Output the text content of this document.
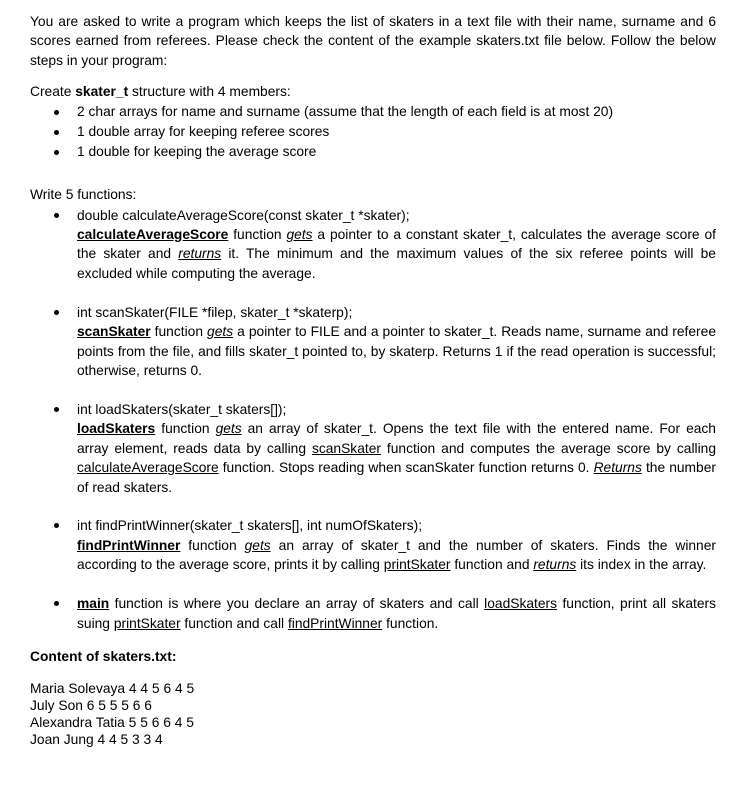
You are asked to write a program which keeps the list of skaters in a text file with their name, surname and 6 scores earned from referees. Please check the content of the example skaters.txt file below. Follow the below steps in your program:

Create skater_t structure with 4 members:

2 char arrays for name and surname (assume that the length of each field is at most 20)
1 double array for keeping referee scores
1 double for keeping the average score

Write 5 functions:

double calculateAverageScore(const skater_t *skater);

calculateAverageScore function gets a pointer to a constant skater_t, calculates the average score of the skater and returns it. The minimum and the maximum values of the six referee points will be excluded while computing the average.

int scanSkater(FILE *filep, skater_t *skaterp);

scanSkater function gets a pointer to FILE and a pointer to skater_t. Reads name, surname and referee points from the file, and fills skater_t pointed to, by skaterp. Returns 1 if the read operation is successful; otherwise, returns 0.

int loadSkaters(skater_t skaters[]);

loadSkaters function gets an array of skater_t. Opens the text file with the entered name. For each array element, reads data by calling scanSkater function and computes the average score by calling calculateAverageScore function. Stops reading when scanSkater function returns 0. Returns the number of read skaters.

int findPrintWinner(skater_t skaters[], int numOfSkaters);

findPrintWinner function gets an array of skater_t and the number of skaters. Finds the winner according to the average score, prints it by calling printSkater function and returns its index in the array.

main function is where you declare an array of skaters and call loadSkaters function, print all skaters suing printSkater function and call findPrintWinner function.

Content of skaters.txt:

Maria Solevaya 4 4 5 6 4 5
July Son 6 5 5 5 6 6
Alexandra Tatia 5 5 6 6 4 5
Joan Jung 4 4 5 3 3 4
